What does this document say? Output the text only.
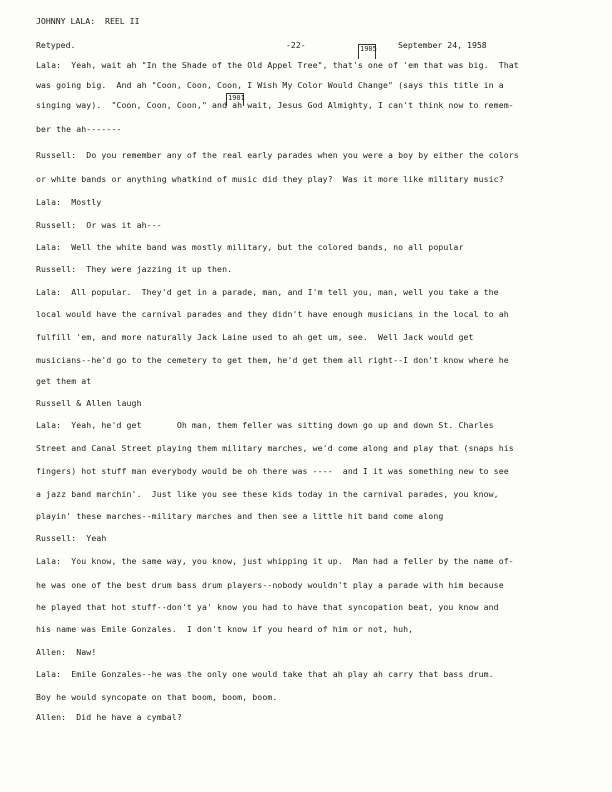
JOHNNY LALA:  REEL II
Retyped.	-22-	September 24, 1958
1905
1901
Lala:  Yeah, wait ah "In the Shade of the Old Appel Tree", that's one of 'em that was big.  That
was going big.  And ah "Coon, Coon, Coon, I Wish My Color Would Change" (says this title in a
singing way).  "Coon, Coon, Coon," and ah wait, Jesus God Almighty, I can't think now to remem-
ber the ah-------
Russell:  Do you remember any of the real early parades when you were a boy by either the colors
or white bands or anything whatkind of music did they play?  Was it more like military music?
Lala:  Mostly
Russell:  Or was it ah---
Lala:  Well the white band was mostly military, but the colored bands, no all popular
Russell:  They were jazzing it up then.
Lala:  All popular.  They'd get in a parade, man, and I'm tell you, man, well you take a the
local would have the carnival parades and they didn't have enough musicians in the local to ah
fulfill 'em, and more naturally Jack Laine used to ah get um, see.  Well Jack would get
musicians--he'd go to the cemetery to get them, he'd get them all right--I don't know where he
get them at
Russell & Allen laugh
Lala:  Yeah, he'd get       Oh man, them feller was sitting down go up and down St. Charles
Street and Canal Street playing them military marches, we'd come along and play that (snaps his
fingers) hot stuff man everybody would be oh there was ----  and I it was something new to see
a jazz band marchin'.  Just like you see these kids today in the carnival parades, you know,
playin' these marches--military marches and then see a little hit band come along
Russell:  Yeah
Lala:  You know, the same way, you know, just whipping it up.  Man had a feller by the name of-
he was one of the best drum bass drum players--nobody wouldn't play a parade with him because
he played that hot stuff--don't ya' know you had to have that syncopation beat, you know and
his name was Emile Gonzales.  I don't know if you heard of him or not, huh,
Allen:  Naw!
Lala:  Emile Gonzales--he was the only one would take that ah play ah carry that bass drum.
Boy he would syncopate on that boom, boom, boom.
Allen:  Did he have a cymbal?
